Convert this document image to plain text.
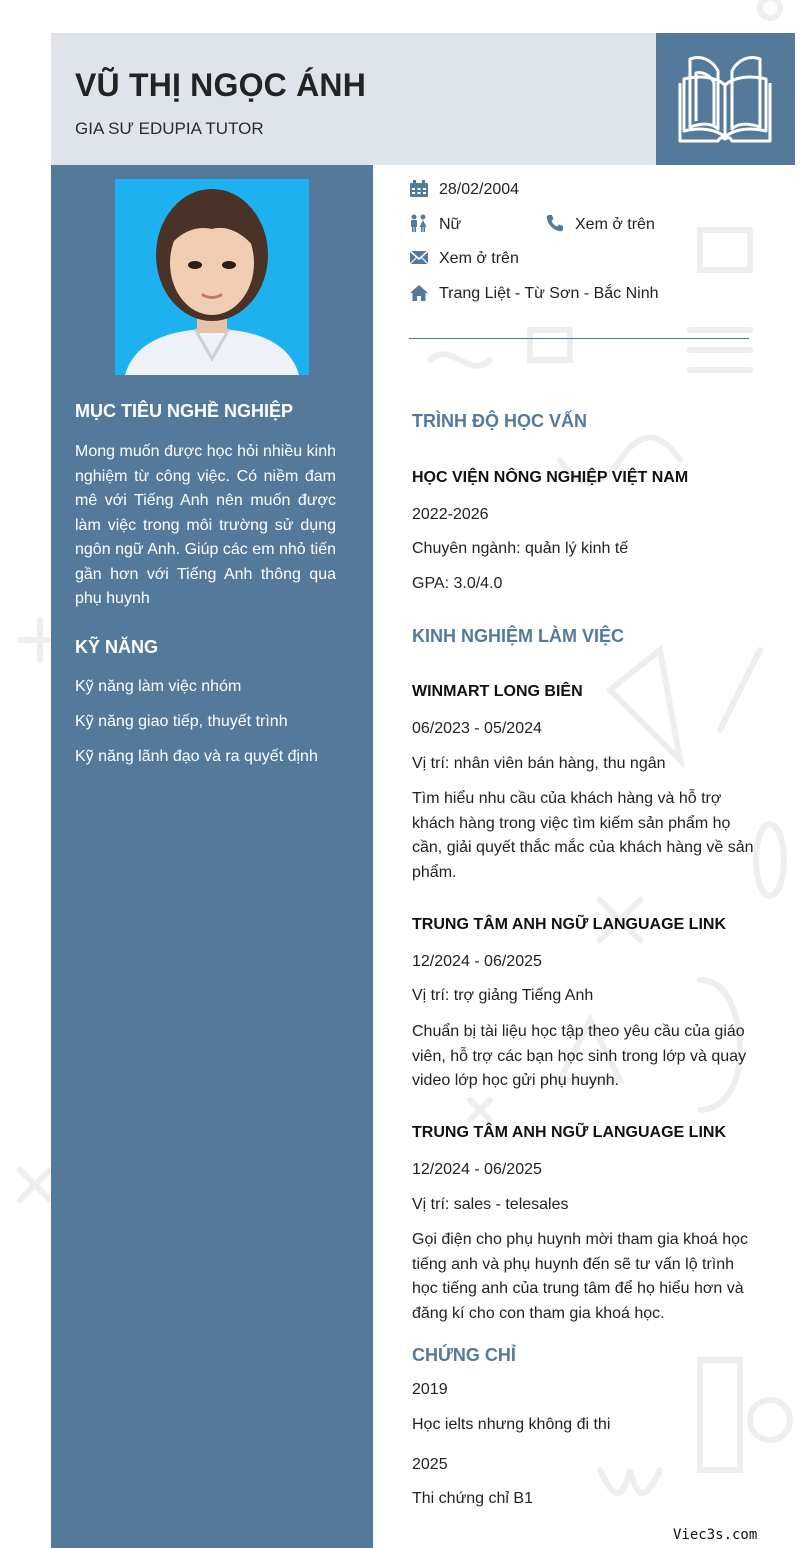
VŨ THỊ NGỌC ÁNH
GIA SƯ EDUPIA TUTOR
MỤC TIÊU NGHỀ NGHIỆP
Mong muốn được học hỏi nhiều kinh nghiệm từ công việc. Có niềm đam mê với Tiếng Anh nên muốn được làm việc trong môi trường sử dụng ngôn ngữ Anh. Giúp các em nhỏ tiến gần hơn với Tiếng Anh thông qua phụ huynh
KỸ NĂNG
Kỹ năng làm việc nhóm
Kỹ năng giao tiếp, thuyết trình
Kỹ năng lãnh đạo và ra quyết định
28/02/2004
Nữ	Xem ở trên
Xem ở trên
Trang Liệt - Từ Sơn - Bắc Ninh
TRÌNH ĐỘ HỌC VẤN
HỌC VIỆN NÔNG NGHIỆP VIỆT NAM
2022-2026
Chuyên ngành: quản lý kinh tế
GPA: 3.0/4.0
KINH NGHIỆM LÀM VIỆC
WINMART LONG BIÊN
06/2023 - 05/2024
Vị trí: nhân viên bán hàng, thu ngân
Tìm hiểu nhu cầu của khách hàng và hỗ trợ khách hàng trong việc tìm kiếm sản phẩm họ cần, giải quyết thắc mắc của khách hàng về sản phẩm.
TRUNG TÂM ANH NGỮ LANGUAGE LINK
12/2024 - 06/2025
Vị trí: trợ giảng Tiếng Anh
Chuẩn bị tài liệu học tập theo yêu cầu của giáo viên, hỗ trợ các bạn học sinh trong lớp và quay video lớp học gửi phụ huynh.
TRUNG TÂM ANH NGỮ LANGUAGE LINK
12/2024 - 06/2025
Vị trí: sales - telesales
Gọi điện cho phụ huynh mời tham gia khoá học tiếng anh và phụ huynh đến sẽ tư vấn lộ trình học tiếng anh của trung tâm để họ hiểu hơn và đăng kí cho con tham gia khoá học.
CHỨNG CHỈ
2019
Học ielts nhưng không đi thi
2025
Thi chứng chỉ B1
Viec3s.com
